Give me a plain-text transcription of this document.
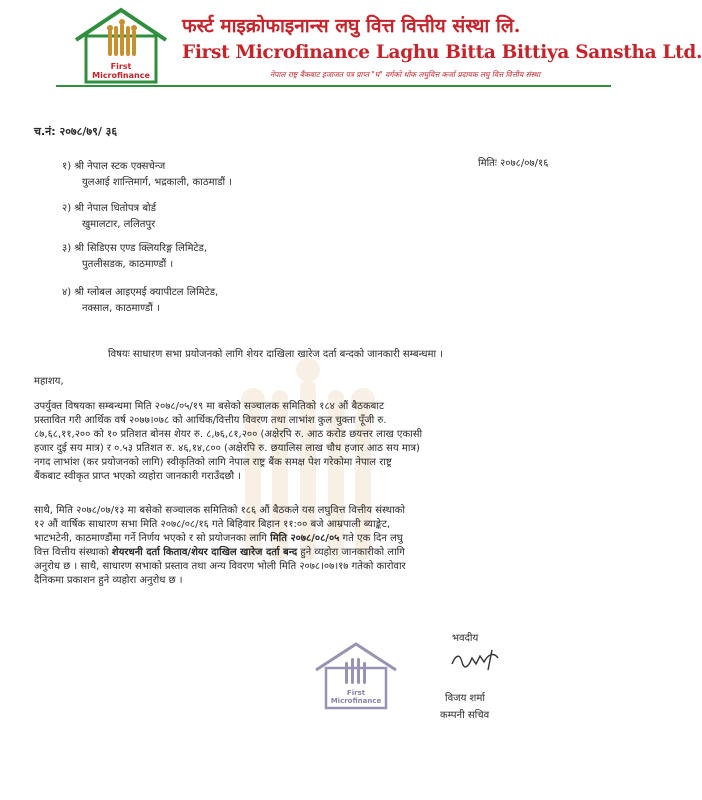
First
Microfinance
फर्स्ट माइक्रोफाइनान्स लघु वित्त वित्तीय संस्था लि.
First Microfinance Laghu Bitta Bittiya Sanstha Ltd.
नेपाल राष्ट्र बैंकबाट इजाजत पत्र प्राप्त "घ" वर्गको थोक लघुवित्त कर्जा प्रदायक लघु वित्त वित्तीय संस्था
च.नं: २०७८/७९/ ३६
मितिः २०७८/०७/१६
१) श्री नेपाल स्टक एक्सचेन्ज
युलआई शान्तिमार्ग, भद्रकाली, काठमाडौं ।
२) श्री नेपाल धितोपत्र बोर्ड
खुमालटार, ललितपुर
३) श्री सिडिएस एण्ड क्लियरिङ्ग लिमिटेड,
पुतलीसडक, काठमाण्डौं ।
४) श्री ग्लोबल आइएमई क्यापीटल लिमिटेड,
नक्साल, काठमाण्डौं ।
विषयः साधारण सभा प्रयोजनको लागि शेयर दाखिला खारेज दर्ता बन्दको जानकारी सम्बन्धमा ।
महाशय,
उपर्युक्त विषयका सम्बन्धमा मिति २०७८/०५/१९ मा बसेको सञ्चालक समितिको १८४ औं बैठकबाट
प्रस्तावित गरी आर्थिक वर्ष २०७७।०७८ को आर्थिक/वित्तीय विवरण तथा लाभांश कुल चुक्ता पूँजी रु.
८७,६८,११,२०० को १० प्रतिशत बोनस शेयर रु. ८,७६,८१,२०० (अक्षेरपि रु. आठ करोड छयत्तर लाख एकासी
हजार दुई सय मात्र) र ०.५३ प्रतिशत रु. ४६,१४,८०० (अक्षेरपि रु. छयालिस लाख चौध हजार आठ सय मात्र)
नगद लाभांश (कर प्रयोजनको लागि) स्वीकृतिको लागि नेपाल राष्ट्र बैंक समक्ष पेश गरेकोमा नेपाल राष्ट्र
बैंकबाट स्वीकृत प्राप्त भएको व्यहोरा जानकारी गराउँदछौ ।
साथै, मिति २०७८/०७/१३ मा बसेको सञ्चालक समितिको १८६ औं बैठकले यस लघुवित्त वित्तीय संस्थाको
१२ औं वार्षिक साधारण सभा मिति २०७८/०८/१६ गते बिहिवार बिहान ११:०० बजे आम्रपाली ब्याङ्केट,
भाटभटेनी, काठमाण्डौंमा गर्ने निर्णय भएको र सो प्रयोजनका लागि मिति २०७८/०८/०५ गते एक दिन लघु
वित्त वित्तीय संस्थाको शेयरधनी दर्ता किताव/शेयर दाखिल खारेज दर्ता बन्द हुने व्यहोरा जानकारीको लागि
अनुरोध छ । साथै, साधारण सभाको प्रस्ताव तथा अन्य विवरण भोली मिति २०७८।०७।१७ गतेको कारोवार
दैनिकमा प्रकाशन हुने व्यहोरा अनुरोध छ ।
First
Microfinance
भवदीय
विजय शर्मा
कम्पनी सचिव
